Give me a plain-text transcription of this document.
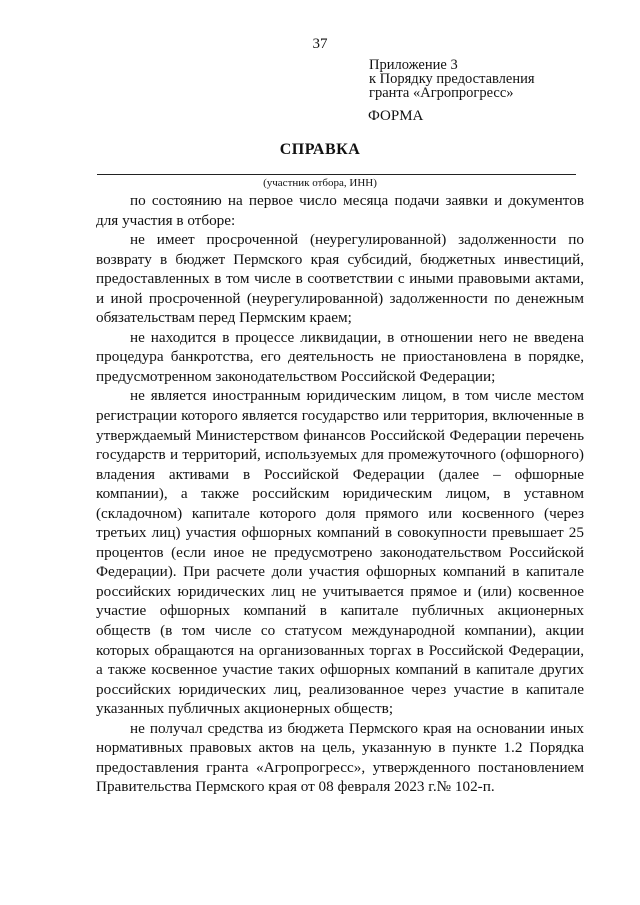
37
Приложение 3
к Порядку предоставления
гранта «Агропрогресс»
ФОРМА
СПРАВКА
(участник отбора, ИНН)

по состоянию на первое число месяца подачи заявки и документов для участия в отборе:

не имеет просроченной (неурегулированной) задолженности по возврату в бюджет Пермского края субсидий, бюджетных инвестиций, предоставленных в том числе в соответствии с иными правовыми актами, и иной просроченной (неурегулированной) задолженности по денежным обязательствам перед Пермским краем;

не находится в процессе ликвидации, в отношении него не введена процедура банкротства, его деятельность не приостановлена в порядке, предусмотренном законодательством Российской Федерации;

не является иностранным юридическим лицом, в том числе местом регистрации которого является государство или территория, включенные в утверждаемый Министерством финансов Российской Федерации перечень государств и территорий, используемых для промежуточного (офшорного) владения активами в Российской Федерации (далее – офшорные компании), а также российским юридическим лицом, в уставном (складочном) капитале которого доля прямого или косвенного (через третьих лиц) участия офшорных компаний в совокупности превышает 25 процентов (если иное не предусмотрено законодательством Российской Федерации). При расчете доли участия офшорных компаний в капитале российских юридических лиц не учитывается прямое и (или) косвенное участие офшорных компаний в капитале публичных акционерных обществ (в том числе со статусом международной компании), акции которых обращаются на организованных торгах в Российской Федерации, а также косвенное участие таких офшорных компаний в капитале других российских юридических лиц, реализованное через участие в капитале указанных публичных акционерных обществ;

не получал средства из бюджета Пермского края на основании иных нормативных правовых актов на цель, указанную в пункте 1.2 Порядка предоставления гранта «Агропрогресс», утвержденного постановлением Правительства Пермского края от 08 февраля 2023 г.№ 102-п.
